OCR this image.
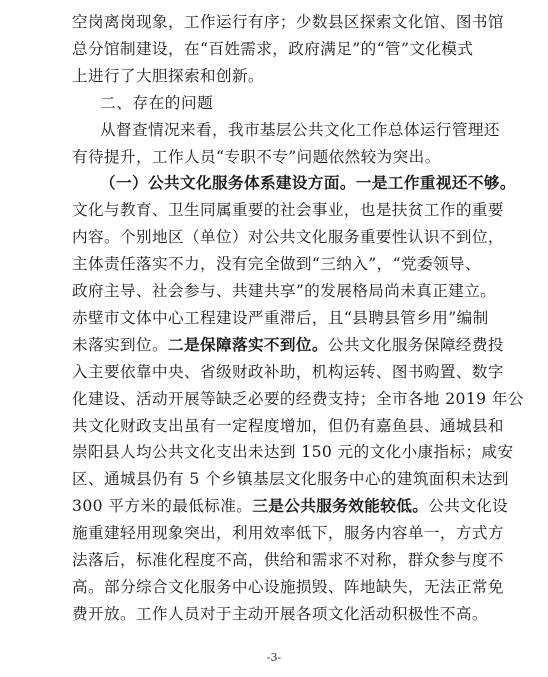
空岗离岗现象，工作运行有序；少数县区探索文化馆、图书馆
总分馆制建设，在“百姓需求，政府满足”的“管”文化模式
上进行了大胆探索和创新。
二、存在的问题
从督查情况来看，我市基层公共文化工作总体运行管理还
有待提升，工作人员“专职不专”问题依然较为突出。
（一）公共文化服务体系建设方面。一是工作重视还不够。
文化与教育、卫生同属重要的社会事业，也是扶贫工作的重要
内容。个别地区（单位）对公共文化服务重要性认识不到位，
主体责任落实不力，没有完全做到“三纳入”，“党委领导、
政府主导、社会参与、共建共享”的发展格局尚未真正建立。
赤壁市文体中心工程建设严重滞后，且“县聘县管乡用”编制
未落实到位。二是保障落实不到位。公共文化服务保障经费投
入主要依靠中央、省级财政补助，机构运转、图书购置、数字
化建设、活动开展等缺乏必要的经费支持；全市各地 2019 年公
共文化财政支出虽有一定程度增加，但仍有嘉鱼县、通城县和
崇阳县人均公共文化支出未达到 150 元的文化小康指标；咸安
区、通城县仍有 5 个乡镇基层文化服务中心的建筑面积未达到
300 平方米的最低标准。三是公共服务效能较低。公共文化设
施重建轻用现象突出，利用效率低下，服务内容单一，方式方
法落后，标准化程度不高，供给和需求不对称，群众参与度不
高。部分综合文化服务中心设施损毁、阵地缺失，无法正常免
费开放。工作人员对于主动开展各项文化活动积极性不高。
-3-
